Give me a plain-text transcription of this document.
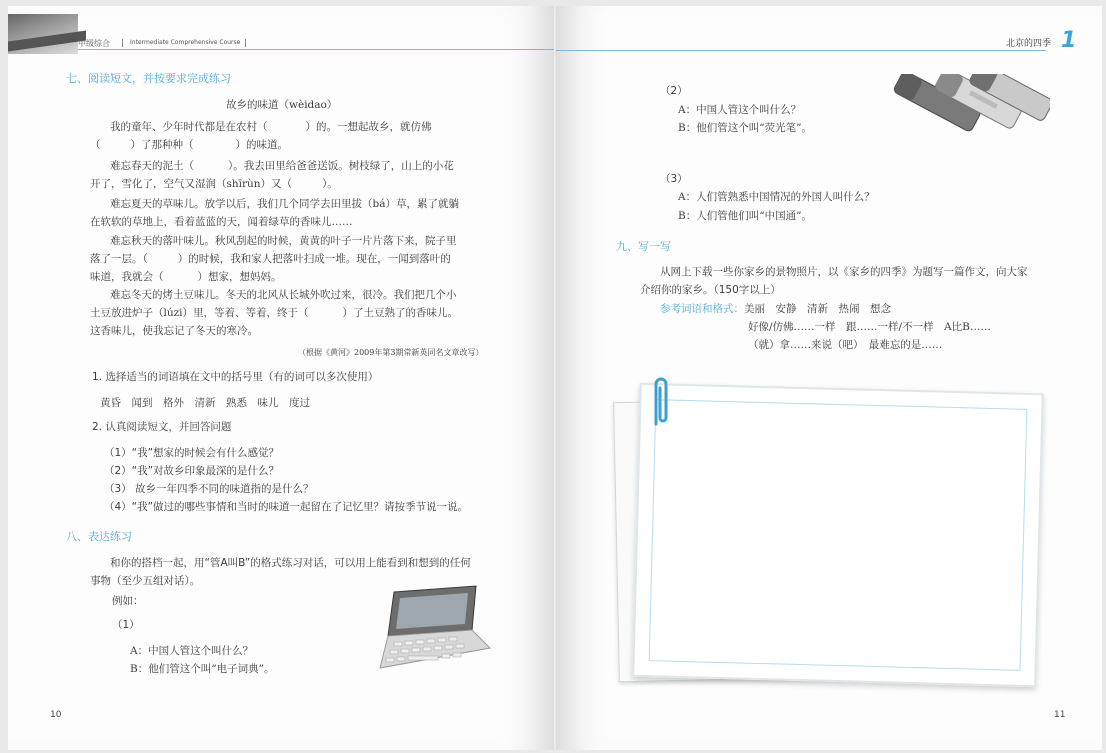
中级综合 | Intermediate Comprehensive Course |
七、阅读短文，并按要求完成练习
故乡的味道（wèidao）
我的童年、少年时代都是在农村（	）的。一想起故乡，就仿佛
（	）了那种种（	）的味道。
难忘春天的泥土（	）。我去田里给爸爸送饭。树枝绿了，山上的小花
开了，雪化了，空气又湿润（shīrùn）又（	）。
难忘夏天的草味儿。放学以后，我们几个同学去田里拔（bá）草，累了就躺
在软软的草地上，看着蓝蓝的天，闻着绿草的香味儿……
难忘秋天的落叶味儿。秋风刮起的时候，黄黄的叶子一片片落下来，院子里
落了一层。（	）的时候，我和家人把落叶扫成一堆。现在，一闻到落叶的
味道，我就会（	）想家，想妈妈。
难忘冬天的烤土豆味儿。冬天的北风从长城外吹过来，很冷。我们把几个小
土豆放进炉子（lúzi）里，等着、等着，终于（	）了土豆熟了的香味儿。
这香味儿，使我忘记了冬天的寒冷。
（根据《黄河》2009年第3期常新英同名文章改写）
1. 选择适当的词语填在文中的括号里（有的词可以多次使用）
黄昏　闻到　格外　清新　熟悉　味儿　度过
2. 认真阅读短文，并回答问题
（1）“我”想家的时候会有什么感觉？
（2）“我”对故乡印象最深的是什么？
（3） 故乡一年四季不同的味道指的是什么？
（4）“我”做过的哪些事情和当时的味道一起留在了记忆里？请按季节说一说。
八、表达练习
和你的搭档一起，用“管A叫B”的格式练习对话，可以用上能看到和想到的任何
事物（至少五组对话）。
例如：
（1）
A：中国人管这个叫什么？
B：他们管这个叫“电子词典”。
10
北京的四季 1
（2）
A：中国人管这个叫什么？
B：他们管这个叫“荧光笔”。
（3）
A：人们管熟悉中国情况的外国人叫什么？
B：人们管他们叫“中国通”。
九、写一写
从网上下载一些你家乡的景物照片，以《家乡的四季》为题写一篇作文，向大家
介绍你的家乡。（150字以上）
参考词语和格式：美丽　安静　清新　热闹　想念
好像/仿佛……一样　跟……一样/不一样　A比B……
（就）拿……来说（吧）　最难忘的是……
11
